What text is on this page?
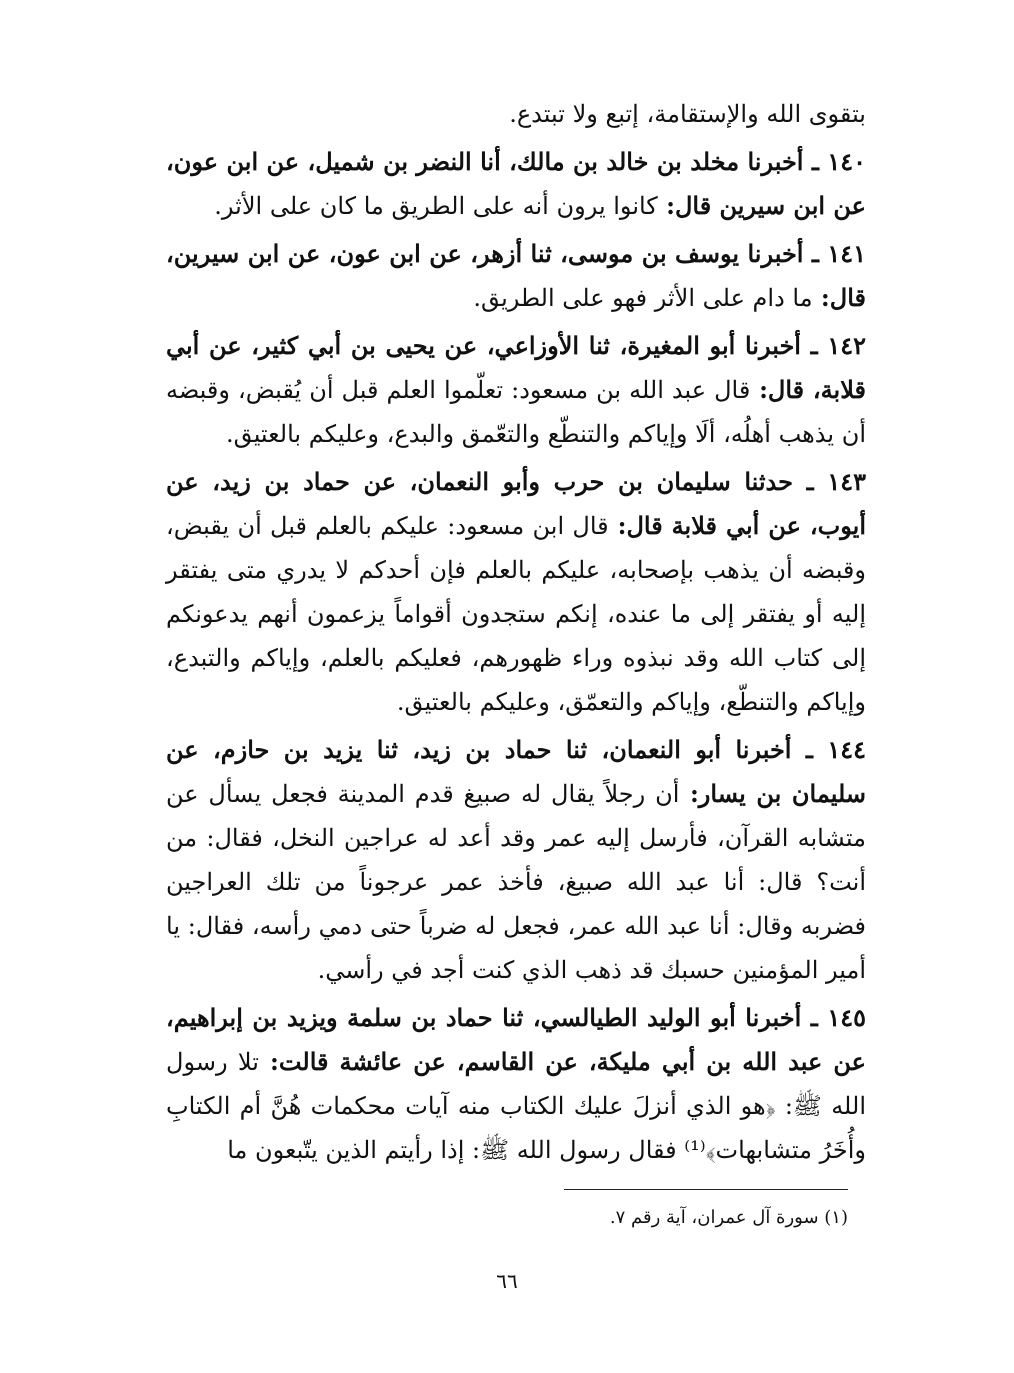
بتقوى الله والإستقامة، إتبع ولا تبتدع.

١٤٠ ـ أخبرنا مخلد بن خالد بن مالك، أنا النضر بن شميل، عن ابن عون، عن ابن سيرين قال: كانوا يرون أنه على الطريق ما كان على الأثر.

١٤١ ـ أخبرنا يوسف بن موسى، ثنا أزهر، عن ابن عون، عن ابن سيرين، قال: ما دام على الأثر فهو على الطريق.

١٤٢ ـ أخبرنا أبو المغيرة، ثنا الأوزاعي، عن يحيى بن أبي كثير، عن أبي قلابة، قال: قال عبد الله بن مسعود: تعلّموا العلم قبل أن يُقبض، وقبضه أن يذهب أهلُه، ألَا وإياكم والتنطّع والتعّمق والبدع، وعليكم بالعتيق.

١٤٣ ـ حدثنا سليمان بن حرب وأبو النعمان، عن حماد بن زيد، عن أيوب، عن أبي قلابة قال: قال ابن مسعود: عليكم بالعلم قبل أن يقبض، وقبضه أن يذهب بإصحابه، عليكم بالعلم فإن أحدكم لا يدري متى يفتقر إليه أو يفتقر إلى ما عنده، إنكم ستجدون أقواماً يزعمون أنهم يدعونكم إلى كتاب الله وقد نبذوه وراء ظهورهم، فعليكم بالعلم، وإياكم والتبدع، وإياكم والتنطّع، وإياكم والتعمّق، وعليكم بالعتيق.

١٤٤ ـ أخبرنا أبو النعمان، ثنا حماد بن زيد، ثنا يزيد بن حازم، عن سليمان بن يسار: أن رجلاً يقال له صبيغ قدم المدينة فجعل يسأل عن متشابه القرآن، فأرسل إليه عمر وقد أعد له عراجين النخل، فقال: من أنت؟ قال: أنا عبد الله صبيغ، فأخذ عمر عرجوناً من تلك العراجين فضربه وقال: أنا عبد الله عمر، فجعل له ضرباً حتى دمي رأسه، فقال: يا أمير المؤمنين حسبك قد ذهب الذي كنت أجد في رأسي.

١٤٥ ـ أخبرنا أبو الوليد الطيالسي، ثنا حماد بن سلمة ويزيد بن إبراهيم، عن عبد الله بن أبي مليكة، عن القاسم، عن عائشة قالت: تلا رسول الله ﷺ: ﴿هو الذي أنزلَ عليك الكتاب منه آيات محكمات هُنَّ أم الكتابِ وأُخَرُ متشابهات﴾⁽¹⁾ فقال رسول الله ﷺ: إذا رأيتم الذين يتّبعون ما

(١) سورة آل عمران، آية رقم ٧.
٦٦
